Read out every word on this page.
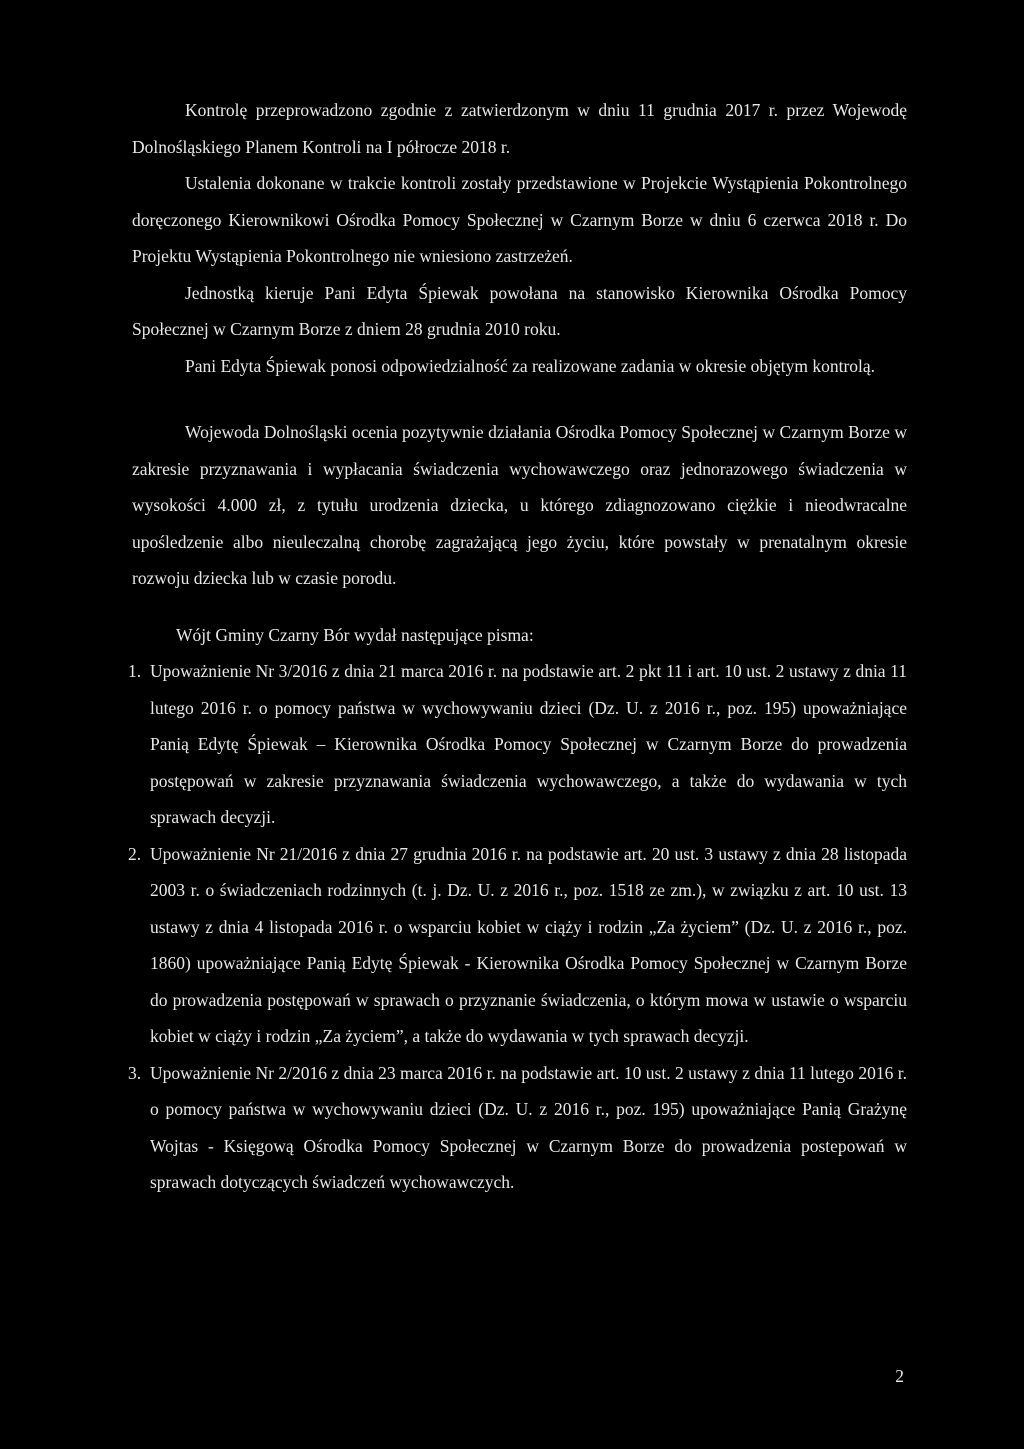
Kontrolę przeprowadzono zgodnie z zatwierdzonym w dniu 11 grudnia 2017 r. przez Wojewodę Dolnośląskiego Planem Kontroli na I półrocze 2018 r.

Ustalenia dokonane w trakcie kontroli zostały przedstawione w Projekcie Wystąpienia Pokontrolnego doręczonego Kierownikowi Ośrodka Pomocy Społecznej w Czarnym Borze w dniu 6 czerwca 2018 r. Do Projektu Wystąpienia Pokontrolnego nie wniesiono zastrzeżeń.

Jednostką kieruje Pani Edyta Śpiewak powołana na stanowisko Kierownika Ośrodka Pomocy Społecznej w Czarnym Borze z dniem 28 grudnia 2010 roku.

Pani Edyta Śpiewak ponosi odpowiedzialność za realizowane zadania w okresie objętym kontrolą.

Wojewoda Dolnośląski ocenia pozytywnie działania Ośrodka Pomocy Społecznej w Czarnym Borze w zakresie przyznawania i wypłacania świadczenia wychowawczego oraz jednorazowego świadczenia w wysokości 4.000 zł, z tytułu urodzenia dziecka, u którego zdiagnozowano ciężkie i nieodwracalne upośledzenie albo nieuleczalną chorobę zagrażającą jego życiu, które powstały w prenatalnym okresie rozwoju dziecka lub w czasie porodu.

Wójt Gminy Czarny Bór wydał następujące pisma:

1. Upoważnienie Nr 3/2016 z dnia 21 marca 2016 r. na podstawie art. 2 pkt 11 i art. 10 ust. 2 ustawy z dnia 11 lutego 2016 r. o pomocy państwa w wychowywaniu dzieci (Dz. U. z 2016 r., poz. 195) upoważniające Panią Edytę Śpiewak – Kierownika Ośrodka Pomocy Społecznej w Czarnym Borze do prowadzenia postępowań w zakresie przyznawania świadczenia wychowawczego, a także do wydawania w tych sprawach decyzji.
2. Upoważnienie Nr 21/2016 z dnia 27 grudnia 2016 r. na podstawie art. 20 ust. 3 ustawy z dnia 28 listopada 2003 r. o świadczeniach rodzinnych (t. j. Dz. U. z 2016 r., poz. 1518 ze zm.), w związku z art. 10 ust. 13 ustawy z dnia 4 listopada 2016 r. o wsparciu kobiet w ciąży i rodzin „Za życiem” (Dz. U. z 2016 r., poz. 1860) upoważniające Panią Edytę Śpiewak - Kierownika Ośrodka Pomocy Społecznej w Czarnym Borze do prowadzenia postępowań w sprawach o przyznanie świadczenia, o którym mowa w ustawie o wsparciu kobiet w ciąży i rodzin „Za życiem”, a także do wydawania w tych sprawach decyzji.
3. Upoważnienie Nr 2/2016 z dnia 23 marca 2016 r. na podstawie art. 10 ust. 2 ustawy z dnia 11 lutego 2016 r. o pomocy państwa w wychowywaniu dzieci (Dz. U. z 2016 r., poz. 195) upoważniające Panią Grażynę Wojtas - Księgową Ośrodka Pomocy Społecznej w Czarnym Borze do prowadzenia postepowań w sprawach dotyczących świadczeń wychowawczych.
2
